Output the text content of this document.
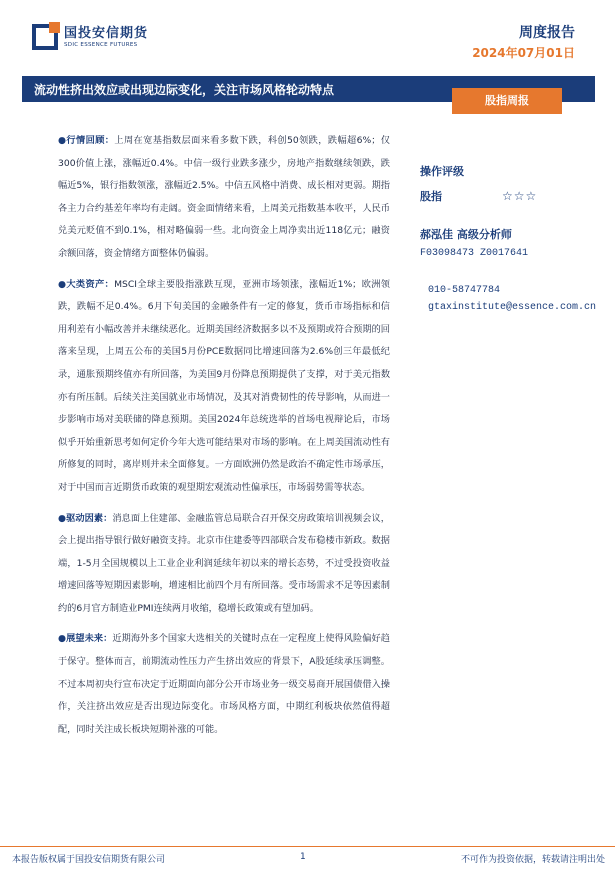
国投安信期货
SDIC ESSENCE FUTURES
周度报告
2024年07月01日
流动性挤出效应或出现边际变化，关注市场风格轮动特点
股指周报

●行情回顾：上周在宽基指数层面来看多数下跌，科创50领跌，跌幅超6%；仅300价值上涨，涨幅近0.4%。中信一级行业跌多涨少，房地产指数继续领跌，跌幅近5%，银行指数领涨，涨幅近2.5%。中信五风格中消费、成长相对更弱。期指各主力合约基差年率均有走阔。资金面情绪来看，上周美元指数基本收平，人民币兑美元贬值不到0.1%，相对略偏弱一些。北向资金上周净卖出近118亿元；融资余额回落，资金情绪方面整体仍偏弱。

●大类资产：MSCI全球主要股指涨跌互现，亚洲市场领涨，涨幅近1%；欧洲领跌，跌幅不足0.4%。6月下旬美国的金融条件有一定的修复，货币市场指标和信用利差有小幅改善并未继续恶化。近期美国经济数据多以不及预期或符合预期的回落来呈现，上周五公布的美国5月份PCE数据同比增速回落为2.6%创三年最低纪录，通胀预期终值亦有所回落，为美国9月份降息预期提供了支撑，对于美元指数亦有所压制。后续关注美国就业市场情况，及其对消费韧性的传导影响，从而进一步影响市场对美联储的降息预期。美国2024年总统选举的首场电视辩论后，市场似乎开始重新思考如何定价今年大选可能结果对市场的影响。在上周美国流动性有所修复的同时，离岸则并未全面修复。一方面欧洲仍然是政治不确定性市场承压，对于中国而言近期货币政策的观望期宏观流动性偏承压，市场弱势需等状态。

●驱动因素：消息面上住建部、金融监管总局联合召开保交房政策培训视频会议，会上提出指导银行做好融资支持。北京市住建委等四部联合发布稳楼市新政。数据端，1-5月全国规模以上工业企业利润延续年初以来的增长态势，不过受投资收益增速回落等短期因素影响，增速相比前四个月有所回落。受市场需求不足等因素制约的6月官方制造业PMI连续两月收缩，稳增长政策或有望加码。

●展望未来：近期海外多个国家大选相关的关键时点在一定程度上使得风险偏好趋于保守。整体而言，前期流动性压力产生挤出效应的背景下，A股延续承压调整。不过本周初央行宣布决定于近期面向部分公开市场业务一级交易商开展国债借入操作，关注挤出效应是否出现边际变化。市场风格方面，中期红利板块依然值得超配，同时关注成长板块短期补涨的可能。

操作评级
股指	☆☆☆
郝泓佳 高级分析师
F03098473 Z0017641
010-58747784
gtaxinstitute@essence.com.cn
本报告版权属于国投安信期货有限公司	1	不可作为投资依据，转载请注明出处
